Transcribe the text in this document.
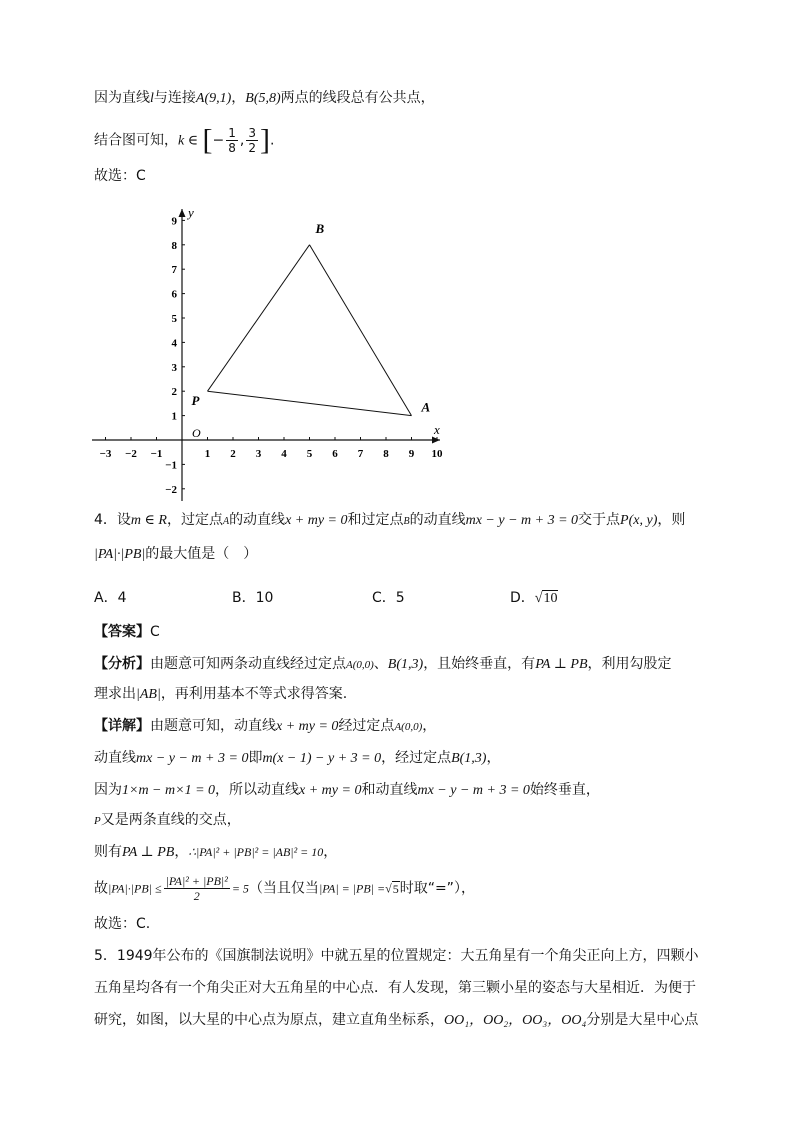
因为直线l与连接A(9,1)，B(5,8)两点的线段总有公共点，
结合图可知，k ∈ [− $\frac{1}{8}$ , $\frac{3}{2}$ ].
故选：C
−3 −2 −1	1 2 3 4 5 6 7 8 9 10
9
8
7
6
5
4
3
2
1
−1
−2
x
y
O
P	A
B
4．设m ∈ R，过定点A的动直线x + my = 0和过定点B的动直线mx − y − m + 3 = 0交于点P(x, y)，则
|PA|·|PB|的最大值是（　）
A．4	B．10	C．5	D．√10
【答案】C
【分析】由题意可知两条动直线经过定点A(0,0)、B(1,3)，且始终垂直，有PA ⊥ PB，利用勾股定
理求出|AB|，再利用基本不等式求得答案.
【详解】由题意可知，动直线x + my = 0经过定点A(0,0)，
动直线mx − y − m + 3 = 0即m(x − 1) − y + 3 = 0，经过定点B(1,3)，
因为1×m − m×1 = 0，所以动直线x + my = 0和动直线mx − y − m + 3 = 0始终垂直，
P又是两条直线的交点，
则有PA ⊥ PB，∴|PA|² + |PB|² = |AB|² = 10，
故$|PA|\cdot|PB| \le \frac{\text{|PA|² + |PB|²}}{2} = 5$（当且仅当|PA| = |PB| =√5时取“=”），
故选：C.
5．1949年公布的《国旗制法说明》中就五星的位置规定：大五角星有一个角尖正向上方，四颗小
五角星均各有一个角尖正对大五角星的中心点．有人发现，第三颗小星的姿态与大星相近．为便于
研究，如图，以大星的中心点为原点，建立直角坐标系，OO₁，OO₂，OO₃，OO₄分别是大星中心点
